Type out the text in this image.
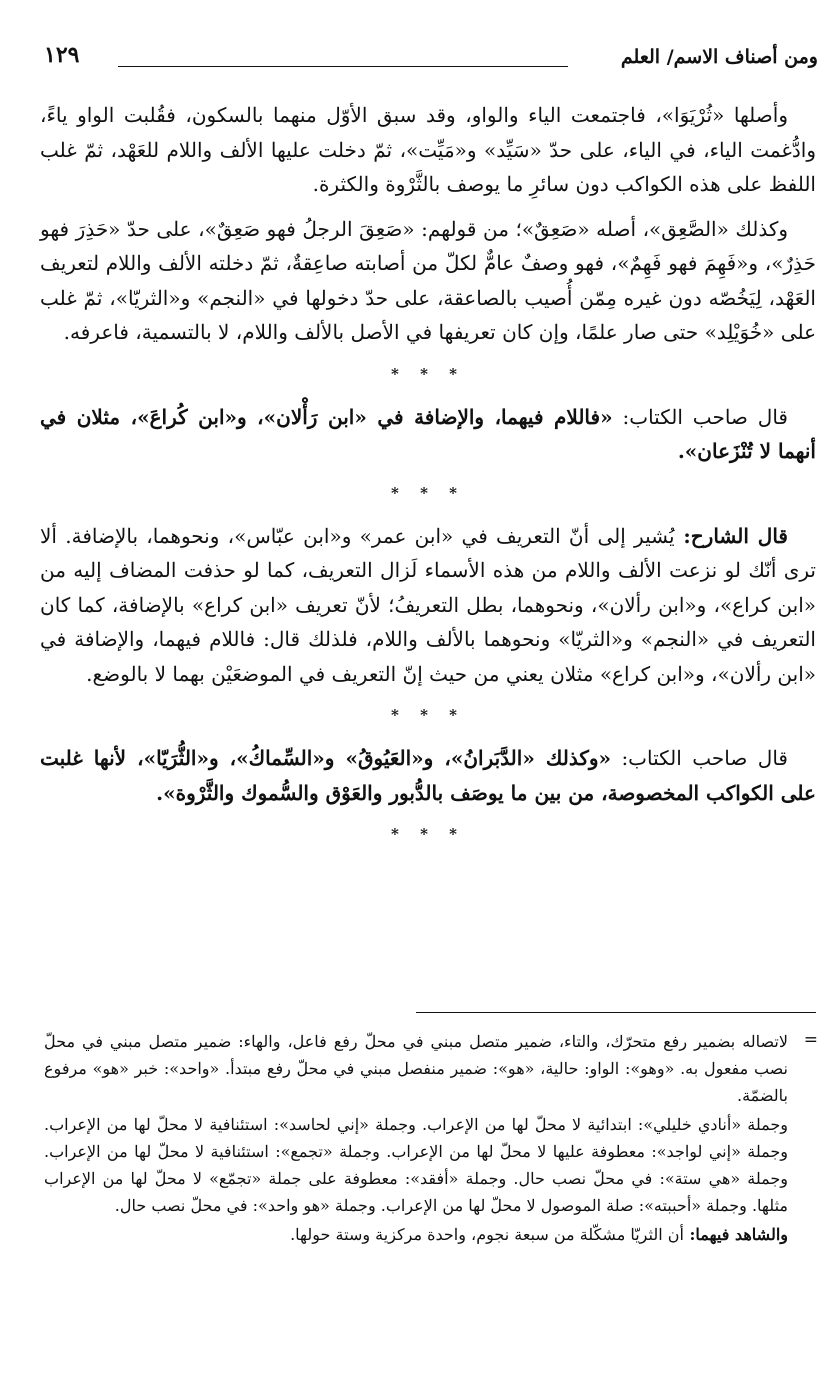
ومن أصناف الاسم/ العلم
١٢٩

وأصلها «ثُرْيَوَا»، فاجتمعت الياء والواو، وقد سبق الأوّل منهما بالسكون، فقُلبت الواو ياءً، وادُّغمت الياء، في الياء، على حدّ «سَيِّد» و«مَيِّت»، ثمّ دخلت عليها الألف واللام للعَهْد، ثمّ غلب اللفظ على هذه الكواكب دون سائرِ ما يوصف بالثَّرْوة والكثرة.

وكذلك «الصَّعِق»، أصله «صَعِقٌ»؛ من قولهم: «صَعِقَ الرجلُ فهو صَعِقٌ»، على حدّ «حَذِرَ فهو حَذِرٌ»، و«فَهِمَ فهو فَهِمٌ»، فهو وصفٌ عامٌّ لكلّ من أصابته صاعِقةٌ، ثمّ دخلته الألف واللام لتعريف العَهْد، لِيَخُصّه دون غيره مِمّن أُصيب بالصاعقة، على حدّ دخولها في «النجم» و«الثريّا»، ثمّ غلب على «خُوَيْلِد» حتى صار علمًا، وإن كان تعريفها في الأصل بالألف واللام، لا بالتسمية، فاعرفه.

* * *

قال صاحب الكتاب: «فاللام فيهما، والإضافة في «ابن رَأْلان»، و«ابن كُراعَ»، مثلان في أنهما لا تُنْزَعان».

* * *

قال الشارح: يُشير إلى أنّ التعريف في «ابن عمر» و«ابن عبّاس»، ونحوهما، بالإضافة. ألا ترى أنّك لو نزعت الألف واللام من هذه الأسماء لَزال التعريف، كما لو حذفت المضاف إليه من «ابن كراع»، و«ابن رألان»، ونحوهما، بطل التعريفُ؛ لأنّ تعريف «ابن كراع» بالإضافة، كما كان التعريف في «النجم» و«الثريّا» ونحوهما بالألف واللام، فلذلك قال: فاللام فيهما، والإضافة في «ابن رألان»، و«ابن كراع» مثلان يعني من حيث إنّ التعريف في الموضعَيْن بهما لا بالوضع.

* * *

قال صاحب الكتاب: «وكذلك «الدَّبَرانُ»، و«العَيُوقُ» و«السِّماكُ»، و«الثُّرَيّا»، لأنها غلبت على الكواكب المخصوصة، من بين ما يوصَف بالدُّبور والعَوْق والسُّموك والثَّرْوة».

* * *
=

لاتصاله بضمير رفع متحرّك، والتاء، ضمير متصل مبني في محلّ رفع فاعل، والهاء: ضمير متصل مبني في محلّ نصب مفعول به. «وهو»: الواو: حالية، «هو»: ضمير منفصل مبني في محلّ رفع مبتدأ. «واحد»: خبر «هو» مرفوع بالضمّة.

وجملة «أنادي خليلي»: ابتدائية لا محلّ لها من الإعراب. وجملة «إني لحاسد»: استئنافية لا محلّ لها من الإعراب. وجملة «إني لواجد»: معطوفة عليها لا محلّ لها من الإعراب. وجملة «تجمع»: استئنافية لا محلّ لها من الإعراب. وجملة «هي ستة»: في محلّ نصب حال. وجملة «أفقد»: معطوفة على جملة «تجمّع» لا محلّ لها من الإعراب مثلها. وجملة «أحببته»: صلة الموصول لا محلّ لها من الإعراب. وجملة «هو واحد»: في محلّ نصب حال.

والشاهد فيهما: أن الثريّا مشكّلة من سبعة نجوم، واحدة مركزية وستة حولها.
